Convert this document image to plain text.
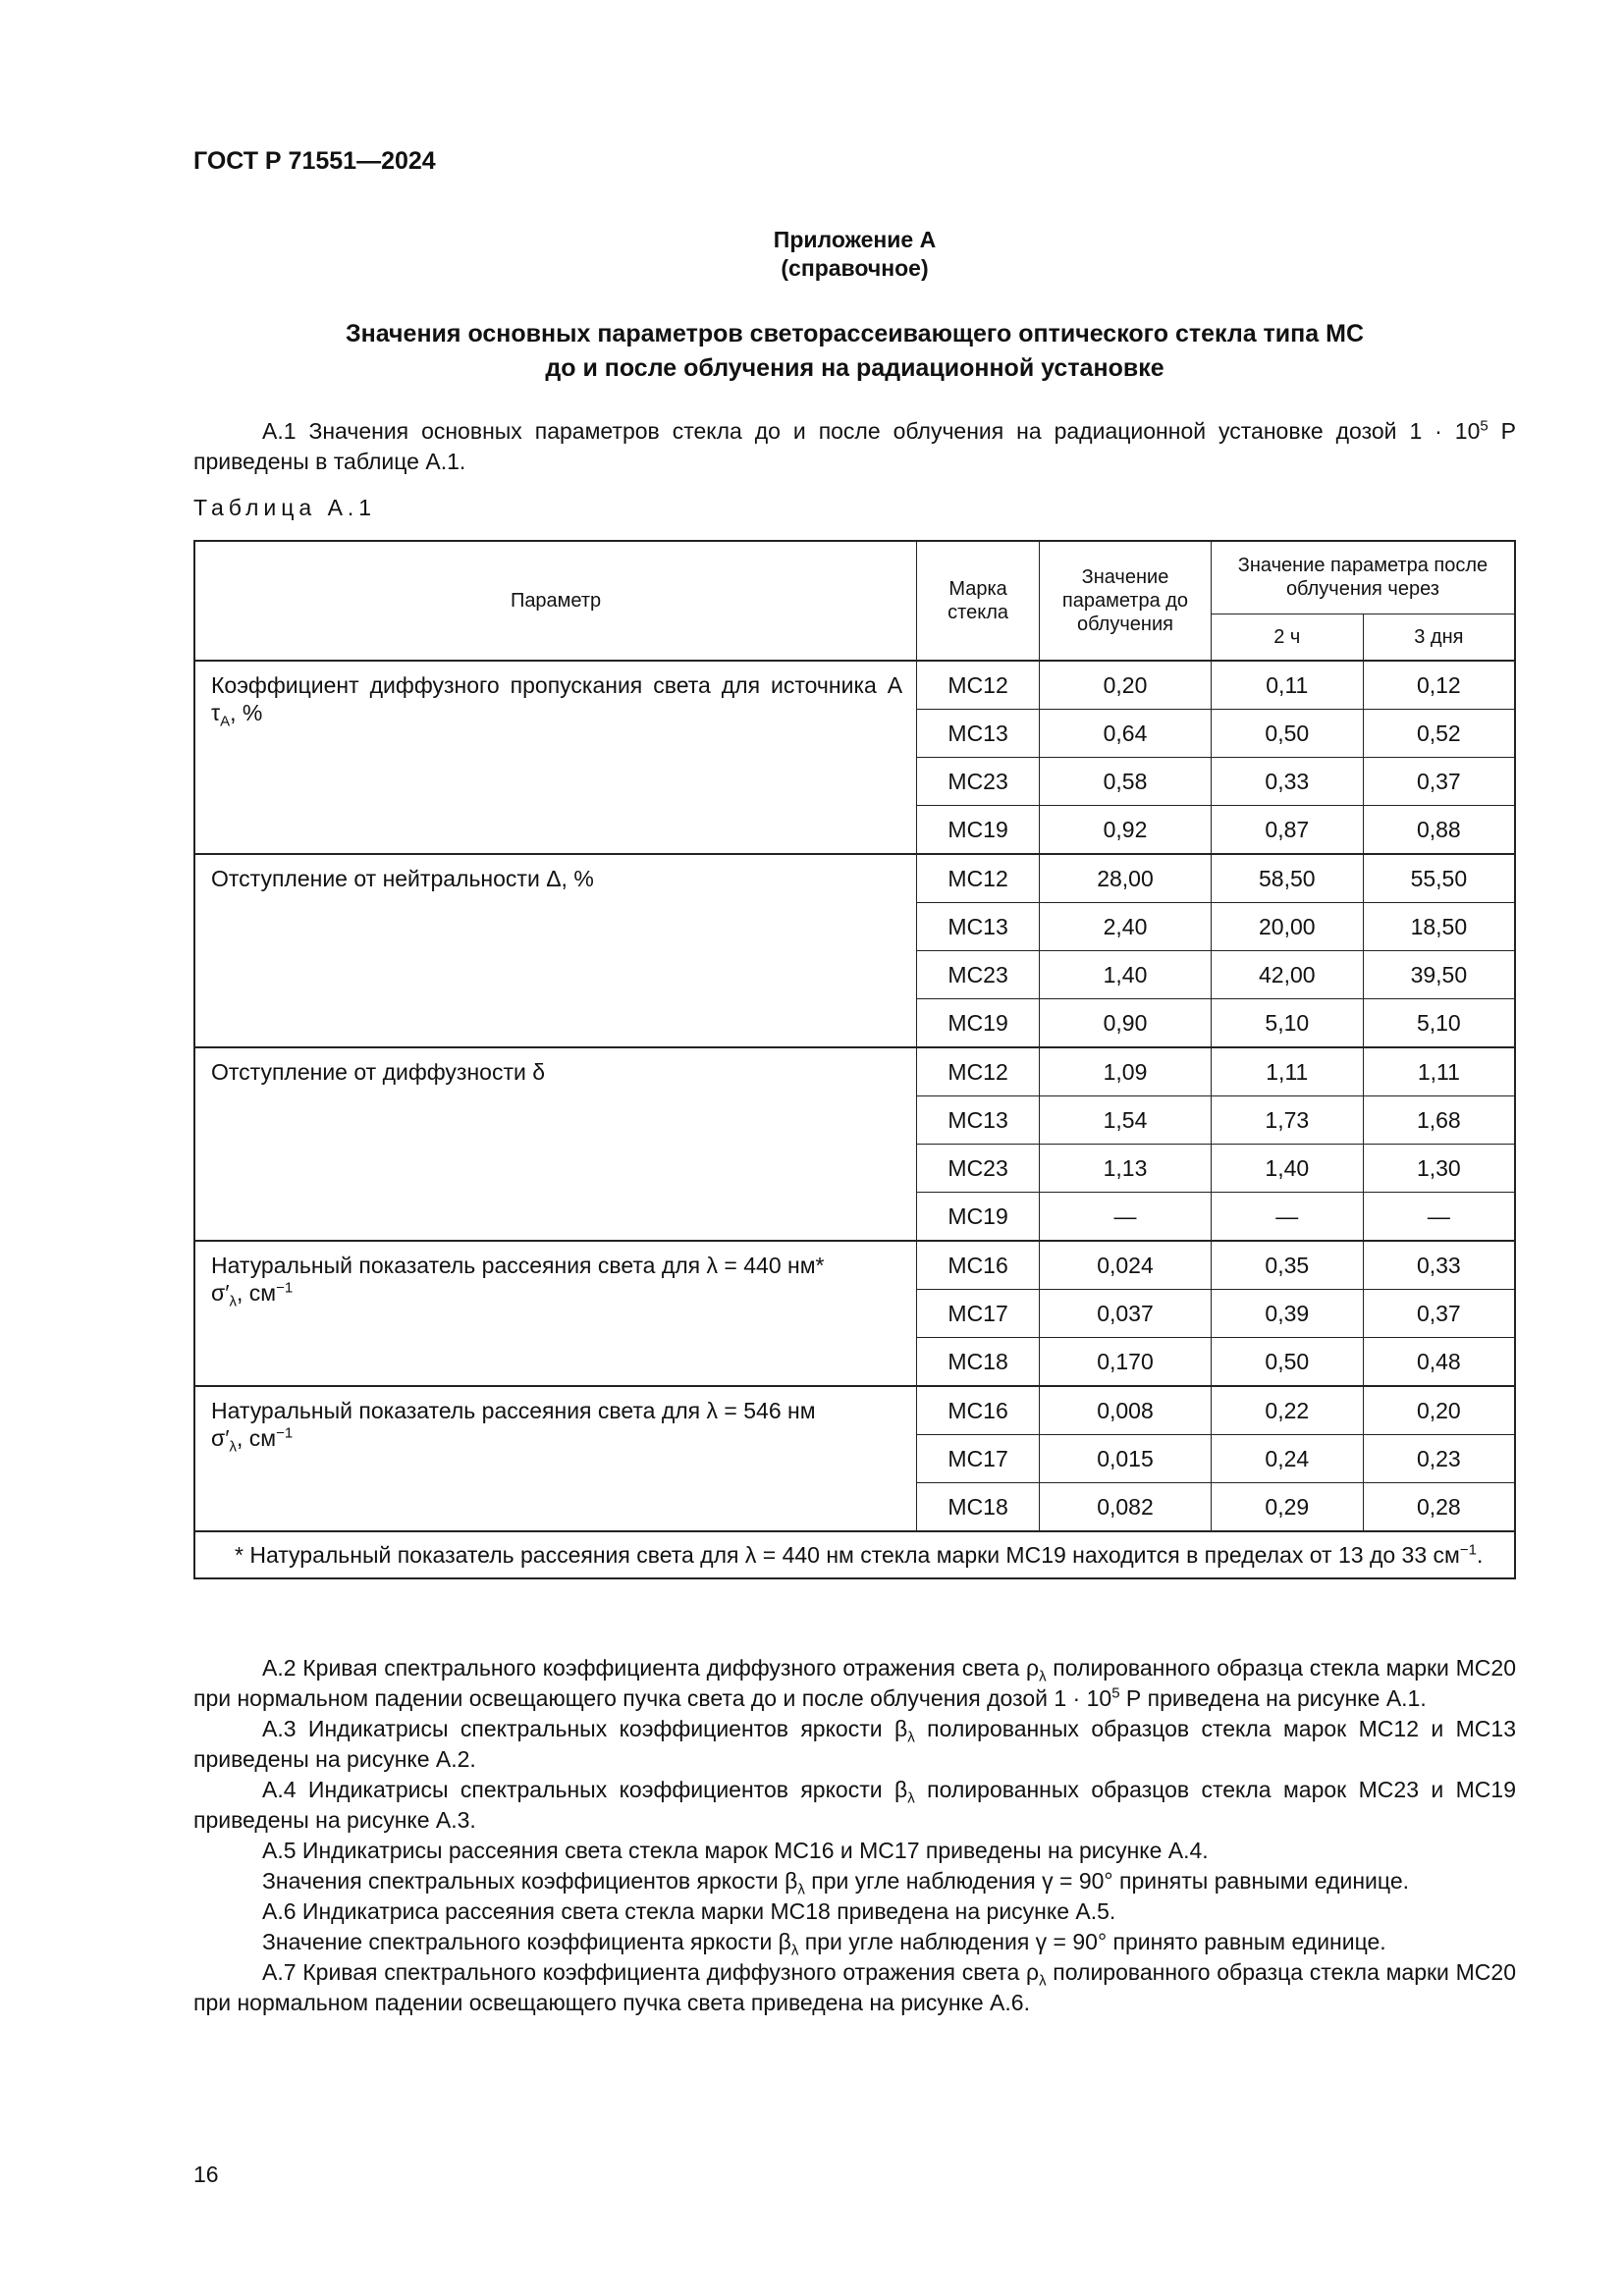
ГОСТ Р 71551—2024
Приложение А
(справочное)
Значения основных параметров светорассеивающего оптического стекла типа МС
до и после облучения на радиационной установке
А.1 Значения основных параметров стекла до и после облучения на радиационной установке дозой $1 \cdot 10^5$ Р приведены в таблице А.1.
Таблица А.1
Параметр	Марка стекла	Значение параметра до облучения	Значение параметра после облучения через	
			2 ч	3 дня
Коэффициент диффузного пропускания света для источника А $\tau_A$, %	МС12	0,20	0,11	0,12
	МС13	0,64	0,50	0,52
	МС23	0,58	0,33	0,37
	МС19	0,92	0,87	0,88
Отступление от нейтральности Δ, %	МС12	28,00	58,50	55,50
	МС13	2,40	20,00	18,50
	МС23	1,40	42,00	39,50
	МС19	0,90	5,10	5,10
Отступление от диффузности δ	МС12	1,09	1,11	1,11
	МС13	1,54	1,73	1,68
	МС23	1,13	1,40	1,30
	МС19	—	—	—

Натуральный показатель рассеяния света для λ = 440 нм*
$\sigma'_\lambda$, $см^{-1}$	МС16	0,024	0,35	0,33
	МС17	0,037	0,39	0,37
	МС18	0,170	0,50	0,48

Натуральный показатель рассеяния света для λ = 546 нм
$\sigma'_\lambda$, $см^{-1}$	МС16	0,008	0,22	0,20
	МС17	0,015	0,24	0,23
	МС18	0,082	0,29	0,28
* Натуральный показатель рассеяния света для λ = 440 нм стекла марки МС19 находится в пределах от 13 до 33 $см^{-1}$.				
А.2 Кривая спектрального коэффициента диффузного отражения света $\rho_\lambda$ полированного образца стекла марки МС20 при нормальном падении освещающего пучка света до и после облучения дозой $1 \cdot 10^5$ Р приведена на рисунке А.1.
А.3 Индикатрисы спектральных коэффициентов яркости $\beta_\lambda$ полированных образцов стекла марок МС12 и МС13 приведены на рисунке А.2.
А.4 Индикатрисы спектральных коэффициентов яркости $\beta_\lambda$ полированных образцов стекла марок МС23 и МС19 приведены на рисунке А.3.
А.5 Индикатрисы рассеяния света стекла марок МС16 и МС17 приведены на рисунке А.4.
Значения спектральных коэффициентов яркости $\beta_\lambda$ при угле наблюдения γ = 90° приняты равными единице.
А.6 Индикатриса рассеяния света стекла марки МС18 приведена на рисунке А.5.
Значение спектрального коэффициента яркости $\beta_\lambda$ при угле наблюдения γ = 90° принято равным единице.
А.7 Кривая спектрального коэффициента диффузного отражения света $\rho_\lambda$ полированного образца стекла марки МС20 при нормальном падении освещающего пучка света приведена на рисунке А.6.
16
